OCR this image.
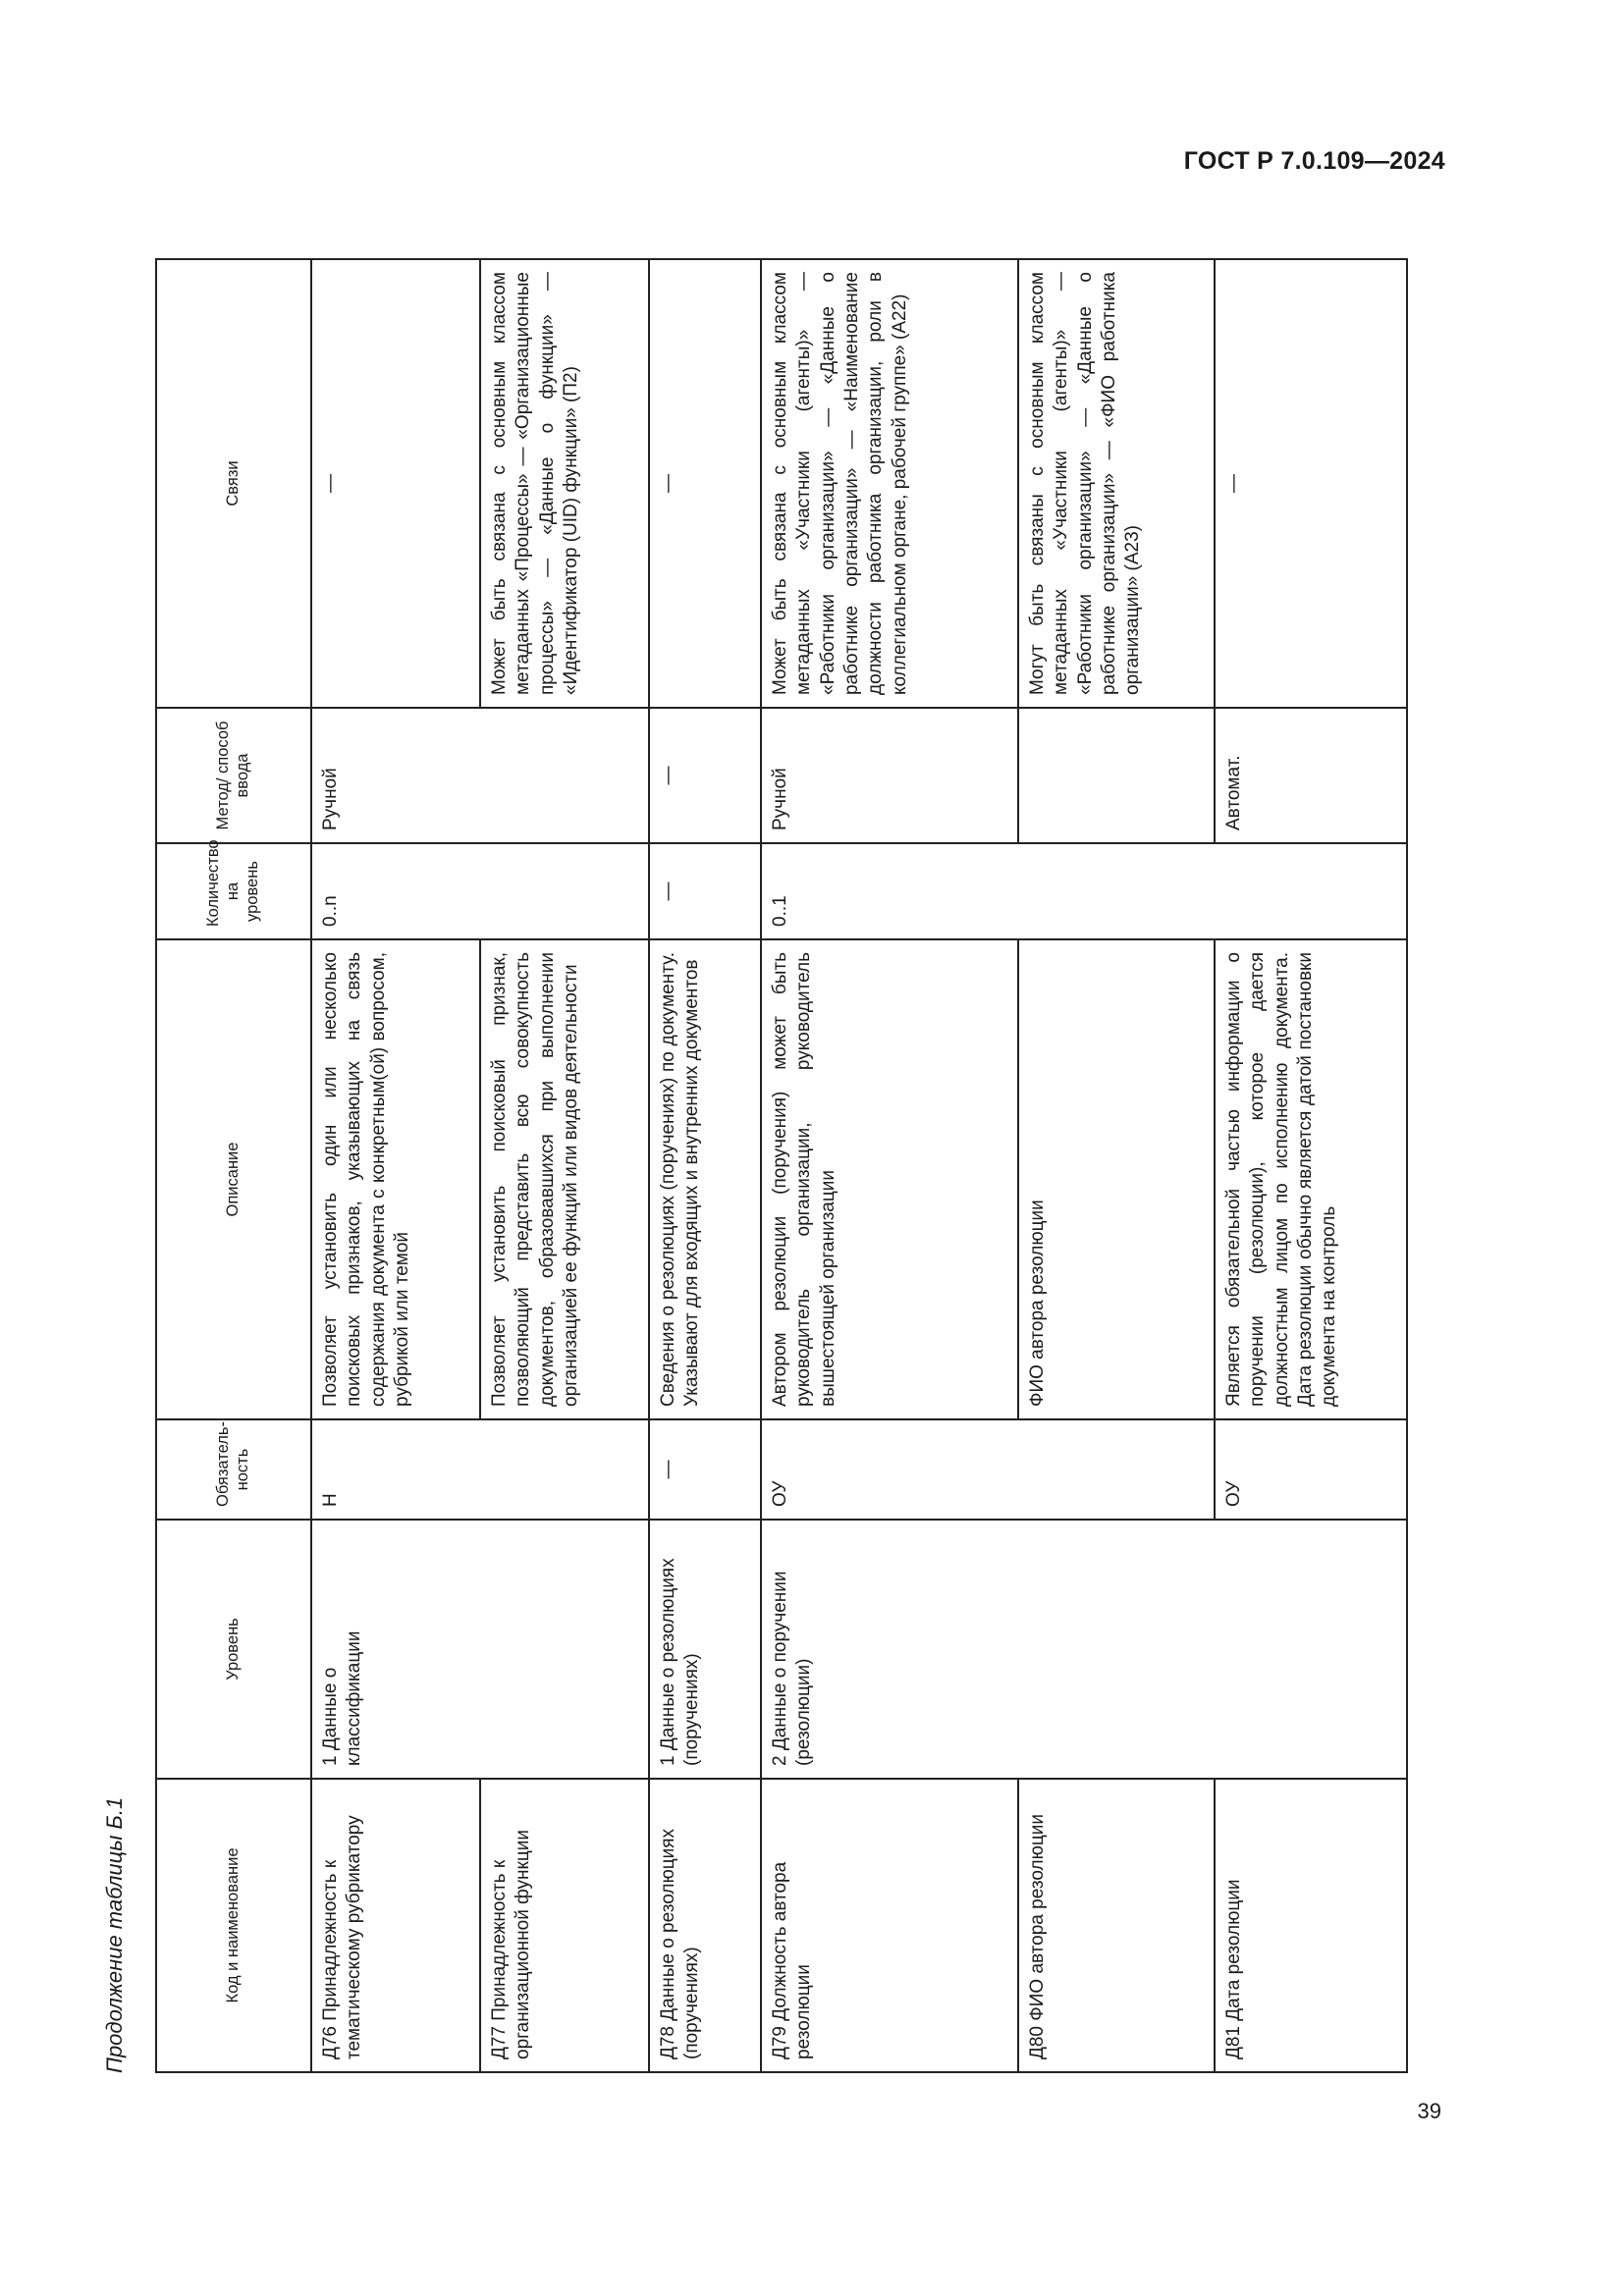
ГОСТ Р 7.0.109—2024
Продолжение таблицы Б.1	Код и наименование	Уровень	Обязатель-ность	Описание	Количество на уровень	Метод/ способ ввода	Связи
Д76 Принадлежность к тематическому рубрикатору	1 Данные о классификации	Н	Позволяет установить один или несколько поисковых признаков, указывающих на связь содержания документа с конкретным(ой) вопросом, рубрикой или темой	0..n	Ручной	—
Д77 Принадлежность к организационной функции			Позволяет установить поисковый признак, позволяющий представить всю совокупность документов, образовавшихся при выполнении организацией ее функций или видов деятельности			Может быть связана с основным классом метаданных «Процессы» — «Организационные процессы» — «Данные о функции» — «Идентификатор (UID) функции» (П2)
Д78 Данные о резолюциях (поручениях)	1 Данные о резолюциях (поручениях)	—	Сведения о резолюциях (поручениях) по документу. Указывают для входящих и внутренних документов	—	—	—
Д79 Должность автора резолюции	2 Данные о поручении (резолюции)	ОУ	Автором резолюции (поручения) может быть руководитель организации, руководитель вышестоящей организации	0..1	Ручной	Может быть связана с основным классом метаданных «Участники (агенты)» — «Работники организации» — «Данные о работнике организации» — «Наименование должности работника организации, роли в коллегиальном органе, рабочей группе» (А22)
Д80 ФИО автора резолюции			ФИО автора резолюции			Могут быть связаны с основным классом метаданных «Участники (агенты)» — «Работники организации» — «Данные о работнике организации» — «ФИО работника организации» (А23)
Д81 Дата резолюции		ОУ	Является обязательной частью информации о поручении (резолюции), которое дается должностным лицом по исполнению документа. Дата резолюции обычно является датой постановки документа на контроль		Автомат.	—
39
